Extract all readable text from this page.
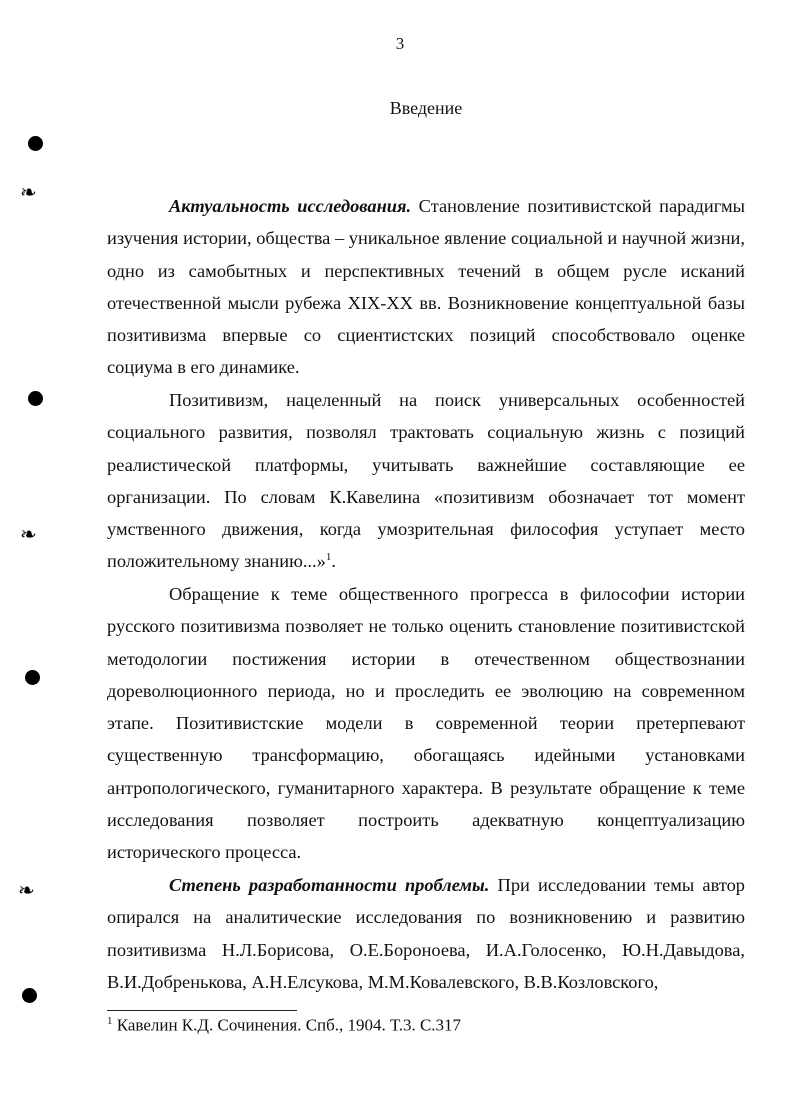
3
Введение

Актуальность исследования. Становление позитивистской парадигмы изучения истории, общества – уникальное явление социальной и научной жизни, одно из самобытных и перспективных течений в общем русле исканий отечественной мысли рубежа XIX-XX вв. Возникновение концептуальной базы позитивизма впервые со сциентистских позиций способствовало оценке социума в его динамике.

Позитивизм, нацеленный на поиск универсальных особенностей социального развития, позволял трактовать социальную жизнь с позиций реалистической платформы, учитывать важнейшие составляющие ее организации. По словам К.Кавелина «позитивизм обозначает тот момент умственного движения, когда умозрительная философия уступает место положительному знанию...»$^1$.

Обращение к теме общественного прогресса в философии истории русского позитивизма позволяет не только оценить становление позитивистской методологии постижения истории в отечественном обществознании дореволюционного периода, но и проследить ее эволюцию на современном этапе. Позитивистские модели в современной теории претерпевают существенную трансформацию, обогащаясь идейными установками антропологического, гуманитарного характера. В результате обращение к теме исследования позволяет построить адекватную концептуализацию исторического процесса.

Степень разработанности проблемы. При исследовании темы автор опирался на аналитические исследования по возникновению и развитию позитивизма Н.Л.Борисова, О.Е.Бороноева, И.А.Голосенко, Ю.Н.Давыдова, В.И.Добренькова, А.Н.Елсукова, М.М.Ковалевского, В.В.Козловского,

$^1$ Кавелин К.Д. Сочинения. Спб., 1904. Т.3. С.317
❧
❧
❧
